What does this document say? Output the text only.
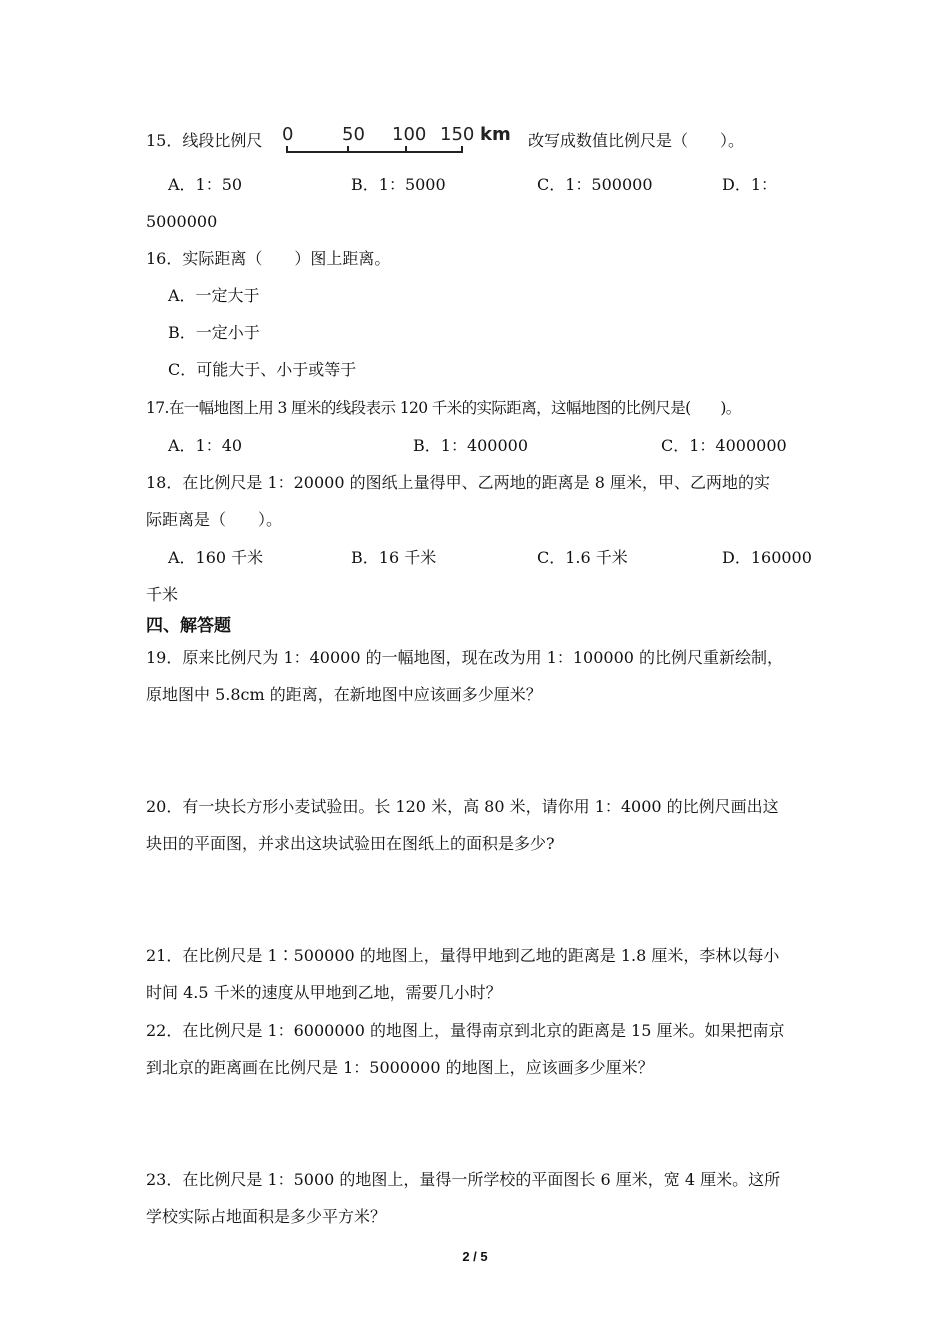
15．线段比例尺 0	50 100 150 km 改写成数值比例尺是（　　）。
A．1：50	B．1：5000	C．1：500000	D．1：
5000000
16．实际距离（　　）图上距离。
A．一定大于
B．一定小于
C．可能大于、小于或等于
17.在一幅地图上用 3 厘米的线段表示 120 千米的实际距离，这幅地图的比例尺是(　　)。
A．1：40	B．1：400000	C．1：4000000
18．在比例尺是 1：20000 的图纸上量得甲、乙两地的距离是 8 厘米，甲、乙两地的实
际距离是（　　）。
A．160 千米	B．16 千米	C．1.6 千米	D．160000
千米
四、解答题
19．原来比例尺为 1：40000 的一幅地图，现在改为用 1：100000 的比例尺重新绘制，
原地图中 5.8cm 的距离，在新地图中应该画多少厘米？
20．有一块长方形小麦试验田。长 120 米，高 80 米，请你用 1：4000 的比例尺画出这
块田的平面图，并求出这块试验田在图纸上的面积是多少?
21．在比例尺是 1∶500000 的地图上，量得甲地到乙地的距离是 1.8 厘米，李林以每小
时间 4.5 千米的速度从甲地到乙地，需要几小时？
22．在比例尺是 1：6000000 的地图上，量得南京到北京的距离是 15 厘米。如果把南京
到北京的距离画在比例尺是 1：5000000 的地图上，应该画多少厘米？
23．在比例尺是 1：5000 的地图上，量得一所学校的平面图长 6 厘米，宽 4 厘米。这所
学校实际占地面积是多少平方米？
2 / 5
